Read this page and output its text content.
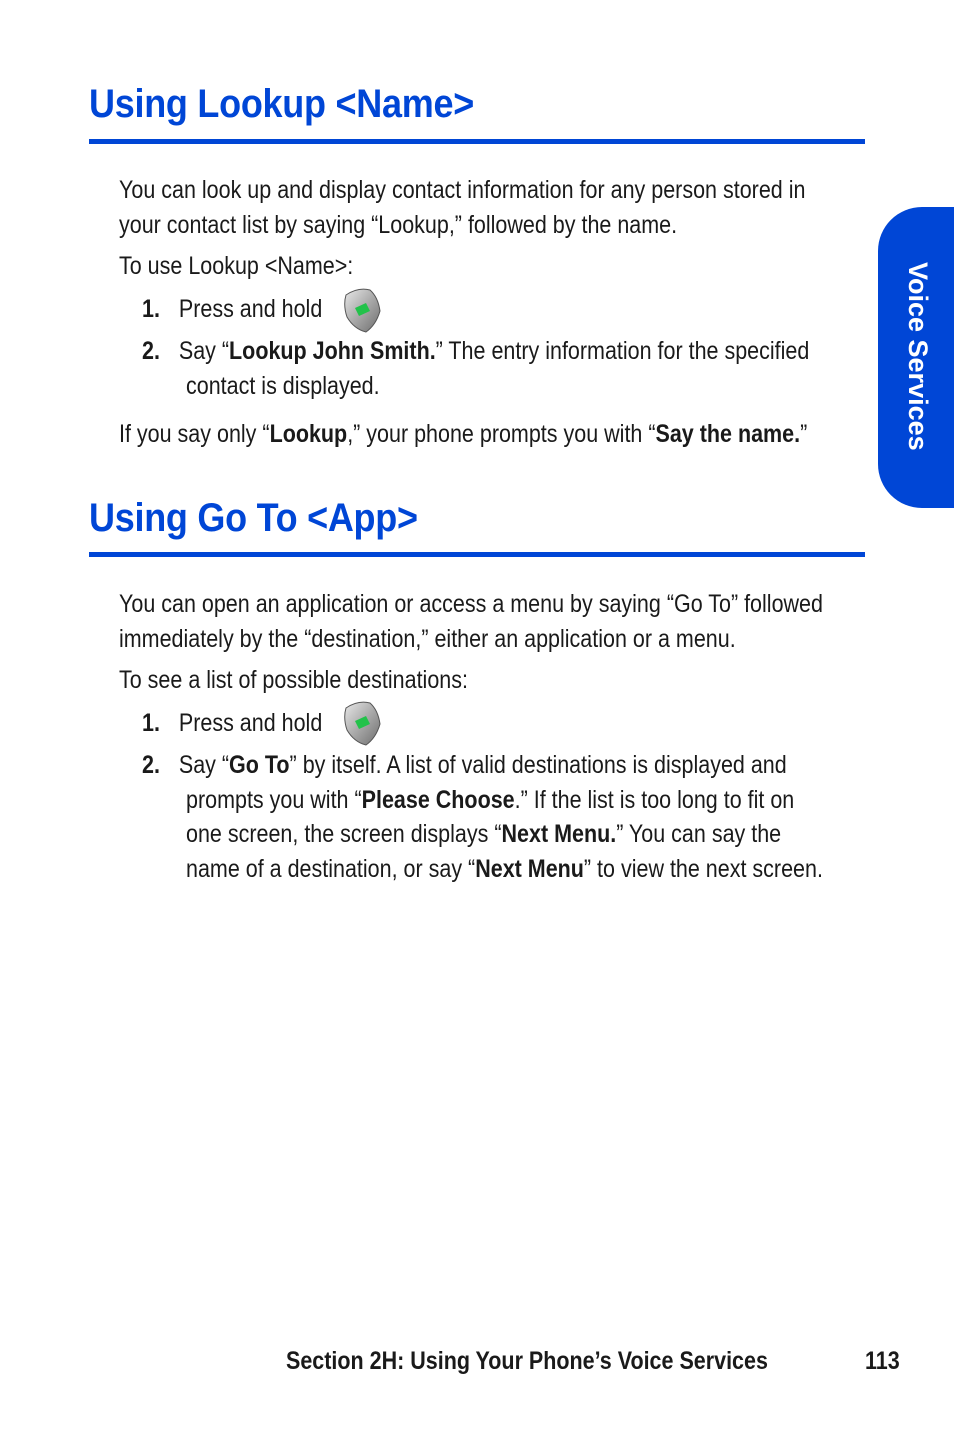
Voice Services
Using Lookup <Name>

You can look up and display contact information for any person stored in

your contact list by saying “Lookup,” followed by the name.

To use Lookup <Name>:

1. Press and hold

2. Say “Lookup John Smith.” The entry information for the specified

contact is displayed.

If you say only “Lookup,” your phone prompts you with “Say the name.”

Using Go To <App>

You can open an application or access a menu by saying “Go To” followed

immediately by the “destination,” either an application or a menu.

To see a list of possible destinations:

1. Press and hold

2. Say “Go To” by itself. A list of valid destinations is displayed and

prompts you with “Please Choose.” If the list is too long to fit on

one screen, the screen displays “Next Menu.” You can say the

name of a destination, or say “Next Menu” to view the next screen.

Section 2H: Using Your Phone’s Voice Services	113
